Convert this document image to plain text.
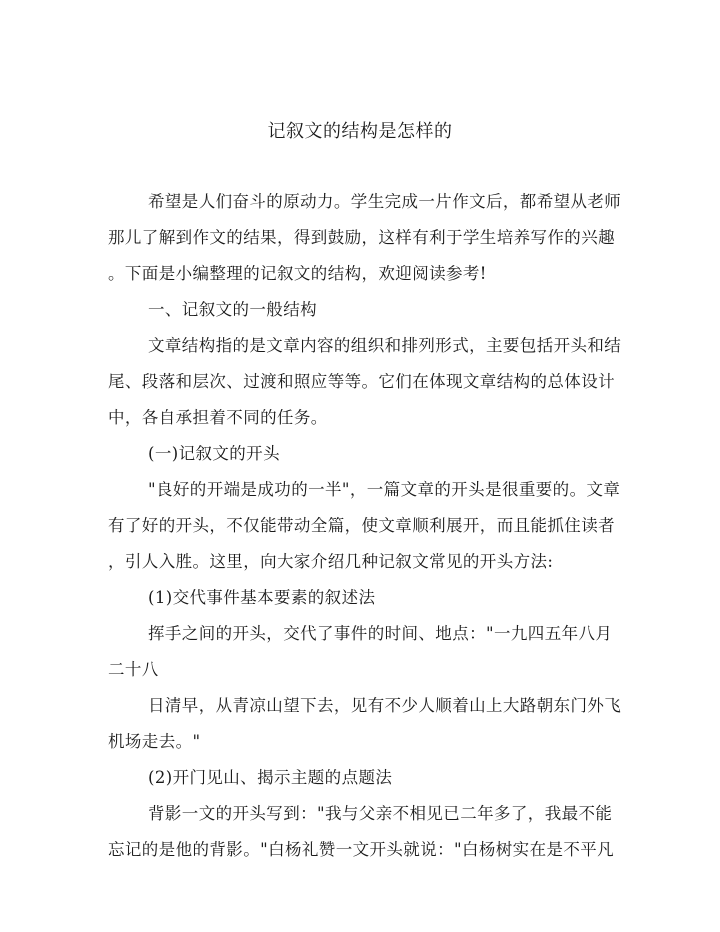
记叙文的结构是怎样的
希望是人们奋斗的原动力。学生完成一片作文后，都希望从老师
那儿了解到作文的结果，得到鼓励，这样有利于学生培养写作的兴趣
。下面是小编整理的记叙文的结构，欢迎阅读参考!
一、记叙文的一般结构
文章结构指的是文章内容的组织和排列形式，主要包括开头和结
尾、段落和层次、过渡和照应等等。它们在体现文章结构的总体设计
中，各自承担着不同的任务。
(一)记叙文的开头
"良好的开端是成功的一半"，一篇文章的开头是很重要的。文章
有了好的开头，不仅能带动全篇，使文章顺利展开，而且能抓住读者
，引人入胜。这里，向大家介绍几种记叙文常见的开头方法:
(1)交代事件基本要素的叙述法
挥手之间的开头，交代了事件的时间、地点："一九四五年八月
二十八
日清早，从青凉山望下去，见有不少人顺着山上大路朝东门外飞
机场走去。"
(2)开门见山、揭示主题的点题法
背影一文的开头写到："我与父亲不相见已二年多了，我最不能
忘记的是他的背影。"白杨礼赞一文开头就说："白杨树实在是不平凡
